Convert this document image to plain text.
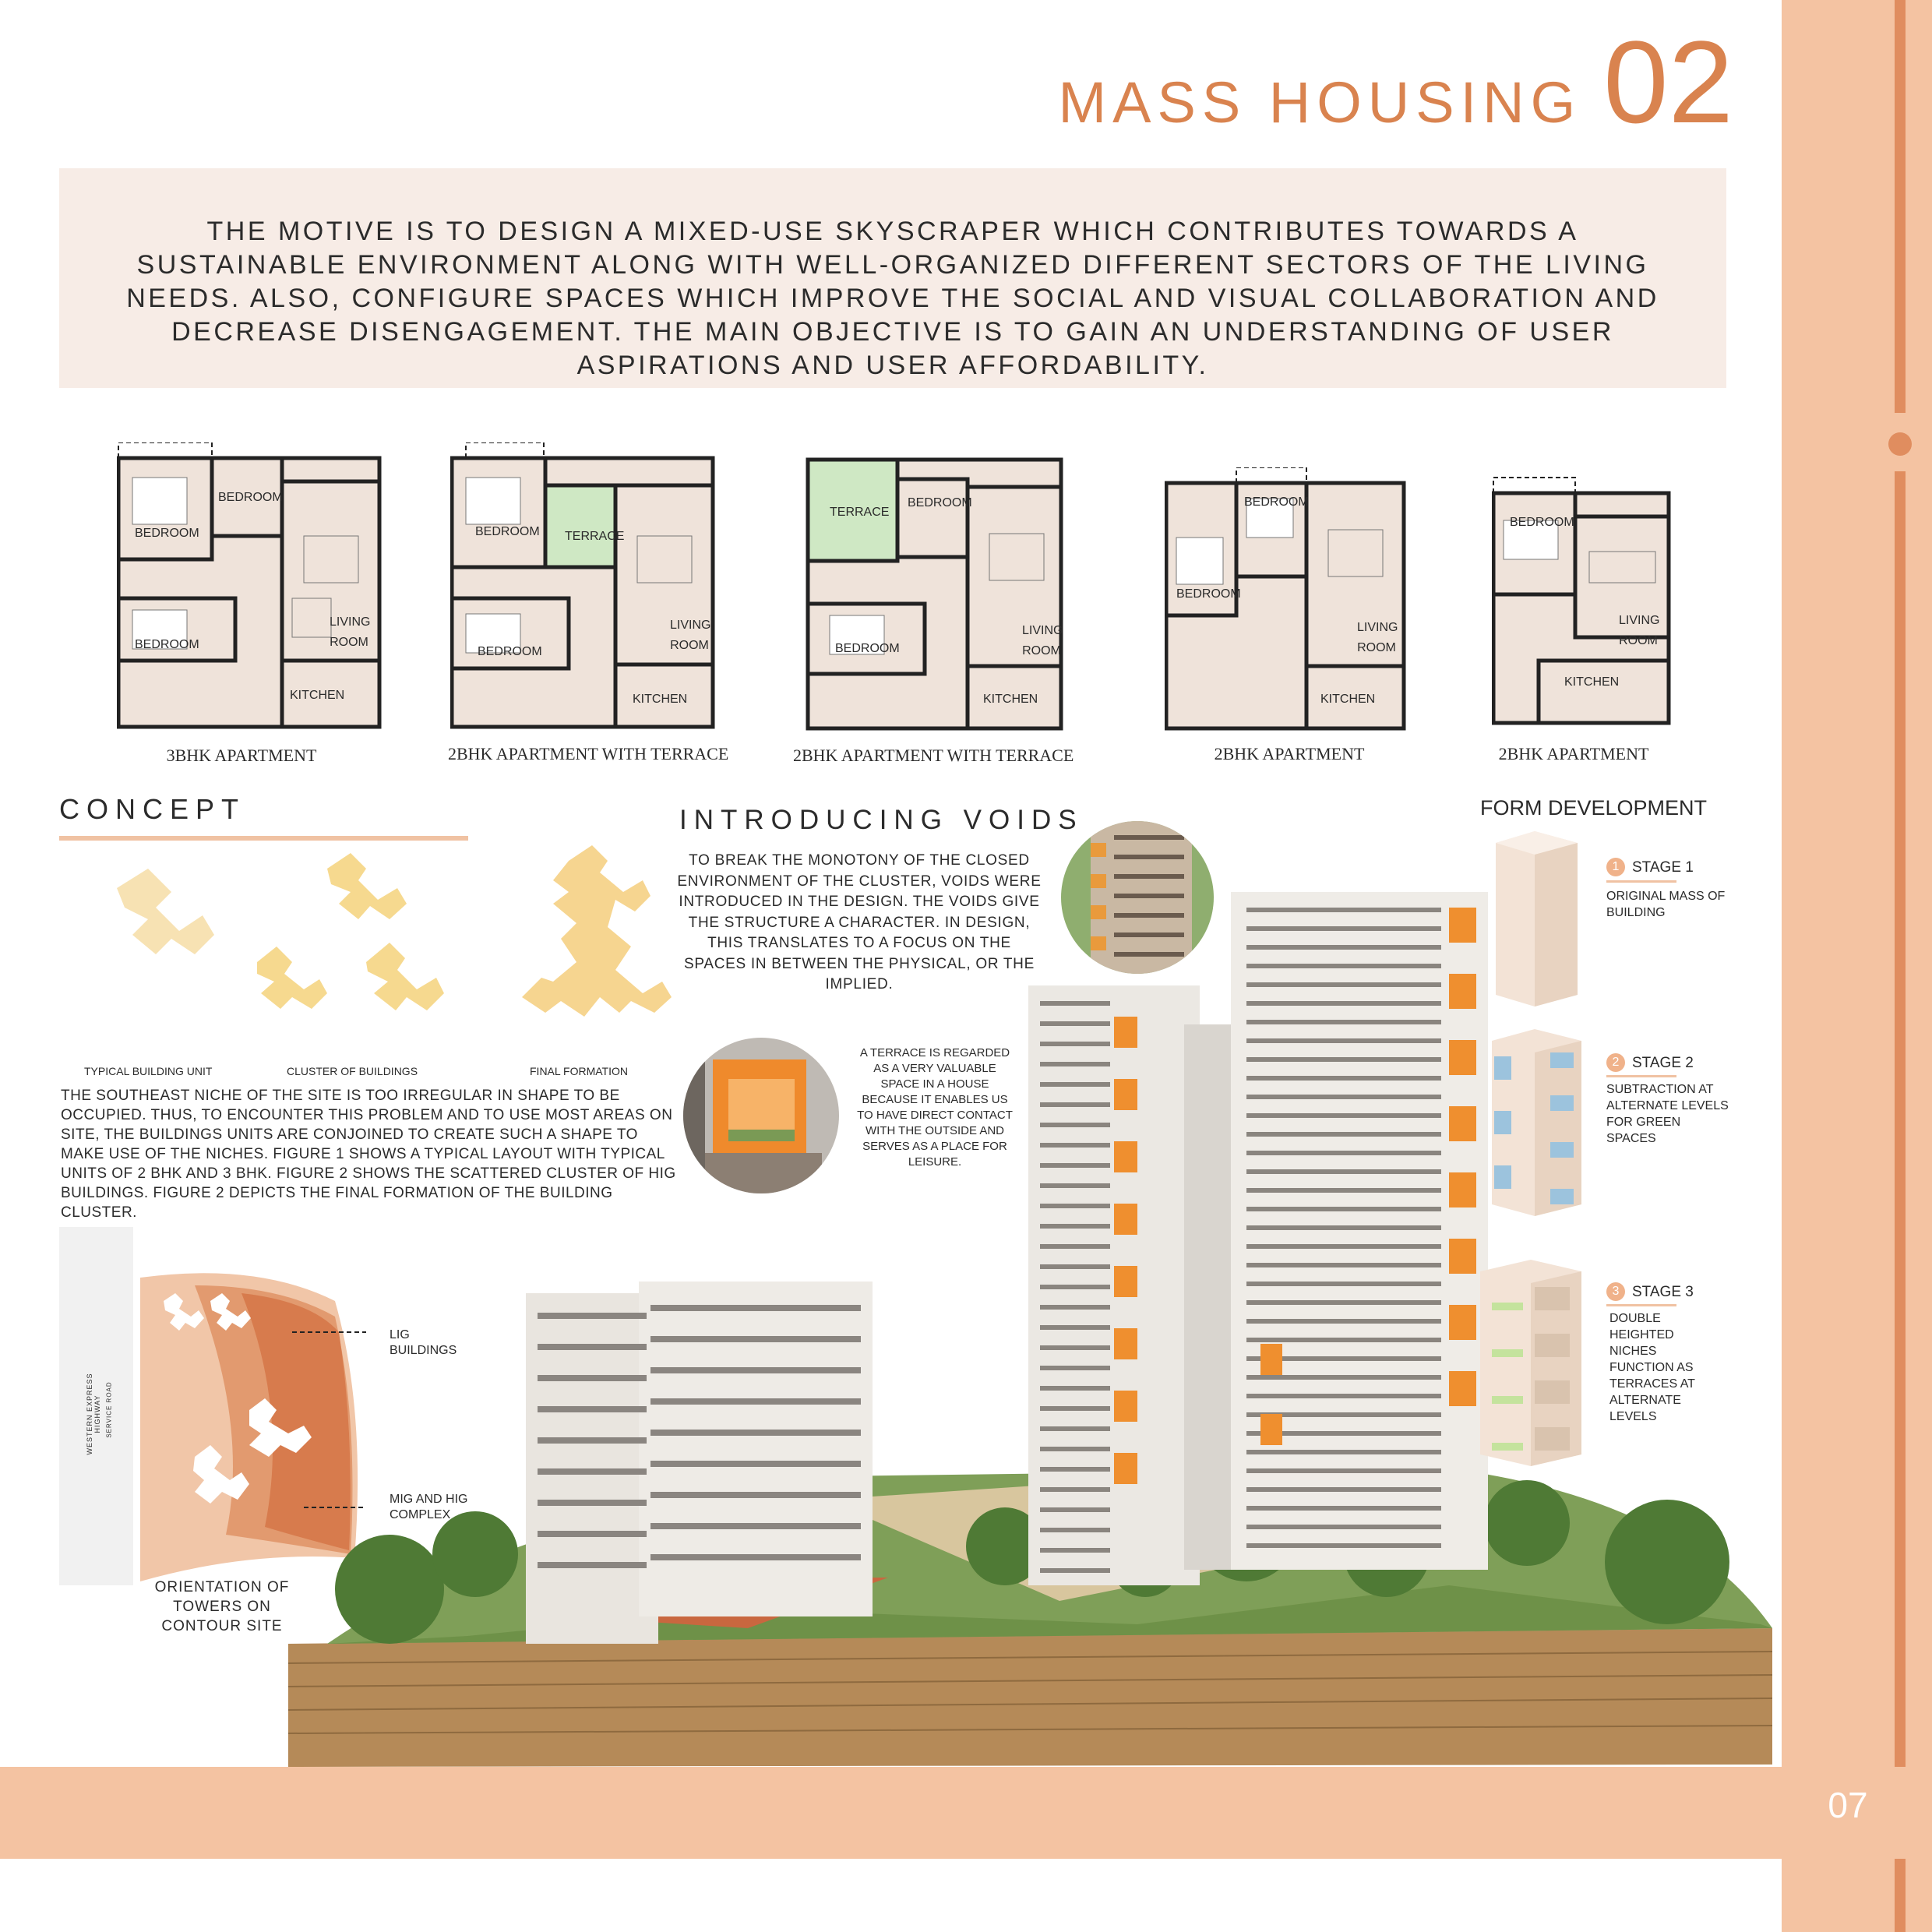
07
MASS HOUSING 02

THE MOTIVE IS TO DESIGN A MIXED-USE SKYSCRAPER WHICH CONTRIBUTES TOWARDS A SUSTAINABLE ENVIRONMENT ALONG WITH WELL-ORGANIZED DIFFERENT SECTORS OF THE LIVING NEEDS. ALSO, CONFIGURE SPACES WHICH IMPROVE THE SOCIAL AND VISUAL COLLABORATION AND DECREASE DISENGAGEMENT. THE MAIN OBJECTIVE IS TO GAIN AN UNDERSTANDING OF USER ASPIRATIONS AND USER AFFORDABILITY.

BEDROOM
BEDROOM
BEDROOM
LIVING ROOM
KITCHEN
BEDROOM TERRACE
BEDROOM
LIVING ROOM
KITCHEN
TERRACE
BEDROOM
BEDROOM
LIVING ROOM
KITCHEN
BEDROOM
BEDROOM
LIVING ROOM
KITCHEN
BEDROOM
LIVING ROOM
KITCHEN
3BHK APARTMENT	2BHK APARTMENT WITH TERRACE	2BHK APARTMENT WITH TERRACE	2BHK APARTMENT	2BHK APARTMENT
CONCEPT
TYPICAL BUILDING UNIT	CLUSTER OF BUILDINGS	FINAL FORMATION
THE SOUTHEAST NICHE OF THE SITE IS TOO IRREGULAR IN SHAPE TO BE OCCUPIED. THUS, TO ENCOUNTER THIS PROBLEM AND TO USE MOST AREAS ON SITE, THE BUILDINGS UNITS ARE CONJOINED TO CREATE SUCH A SHAPE TO MAKE USE OF THE NICHES. FIGURE 1 SHOWS A TYPICAL LAYOUT WITH TYPICAL UNITS OF 2 BHK AND 3 BHK. FIGURE 2 SHOWS THE SCATTERED CLUSTER OF HIG BUILDINGS. FIGURE 2 DEPICTS THE FINAL FORMATION OF THE BUILDING CLUSTER.
WESTERN EXPRESS HIGHWAY SERVICE ROAD
LIG BUILDINGS
MIG AND HIG COMPLEX
ORIENTATION OF TOWERS ON CONTOUR SITE
INTRODUCING VOIDS
TO BREAK THE MONOTONY OF THE CLOSED ENVIRONMENT OF THE CLUSTER, VOIDS WERE INTRODUCED IN THE DESIGN. THE VOIDS GIVE THE STRUCTURE A CHARACTER. IN DESIGN, THIS TRANSLATES TO A FOCUS ON THE SPACES IN BETWEEN THE PHYSICAL, OR THE IMPLIED.
A TERRACE IS REGARDED AS A VERY VALUABLE SPACE IN A HOUSE BECAUSE IT ENABLES US TO HAVE DIRECT CONTACT WITH THE OUTSIDE AND SERVES AS A PLACE FOR LEISURE.
FORM DEVELOPMENT
1 STAGE 1
ORIGINAL MASS OF BUILDING
2 STAGE 2
SUBTRACTION AT ALTERNATE LEVELS FOR GREEN SPACES
3 STAGE 3
DOUBLE HEIGHTED NICHES FUNCTION AS TERRACES AT ALTERNATE LEVELS
